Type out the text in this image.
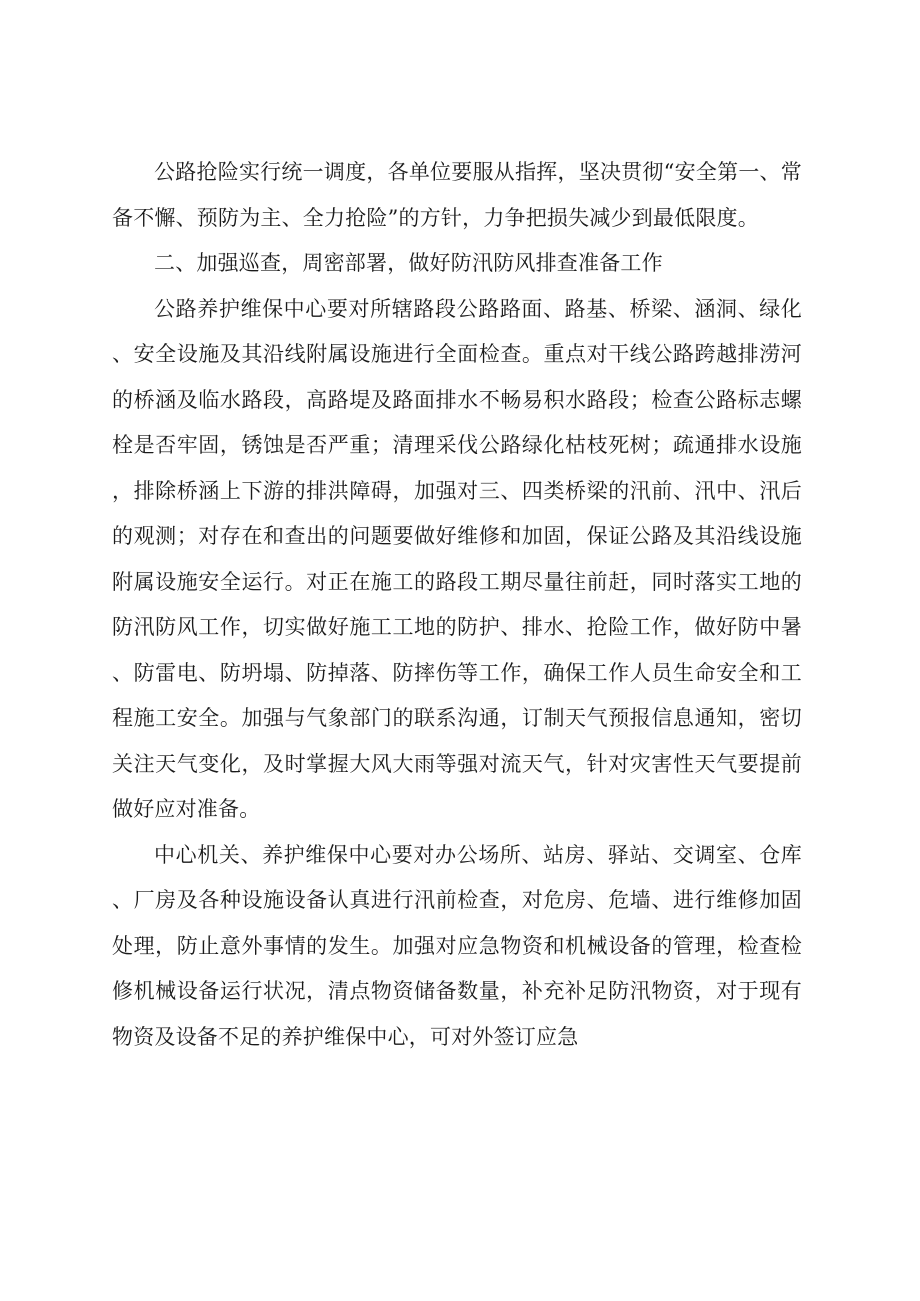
公路抢险实行统一调度，各单位要服从指挥，坚决贯彻“安全第一、常备不懈、预防为主、全力抢险”的方针，力争把损失减少到最低限度。

二、加强巡查，周密部署，做好防汛防风排查准备工作

公路养护维保中心要对所辖路段公路路面、路基、桥梁、涵洞、绿化、安全设施及其沿线附属设施进行全面检查。重点对干线公路跨越排涝河的桥涵及临水路段，高路堤及路面排水不畅易积水路段；检查公路标志螺栓是否牢固，锈蚀是否严重；清理采伐公路绿化枯枝死树；疏通排水设施，排除桥涵上下游的排洪障碍，加强对三、四类桥梁的汛前、汛中、汛后的观测；对存在和查出的问题要做好维修和加固，保证公路及其沿线设施附属设施安全运行。对正在施工的路段工期尽量往前赶，同时落实工地的防汛防风工作，切实做好施工工地的防护、排水、抢险工作，做好防中暑、防雷电、防坍塌、防掉落、防摔伤等工作，确保工作人员生命安全和工程施工安全。加强与气象部门的联系沟通，订制天气预报信息通知，密切关注天气变化，及时掌握大风大雨等强对流天气，针对灾害性天气要提前做好应对准备。

中心机关、养护维保中心要对办公场所、站房、驿站、交调室、仓库、厂房及各种设施设备认真进行汛前检查，对危房、危墙、进行维修加固处理，防止意外事情的发生。加强对应急物资和机械设备的管理，检查检修机械设备运行状况，清点物资储备数量，补充补足防汛物资，对于现有物资及设备不足的养护维保中心，可对外签订应急
